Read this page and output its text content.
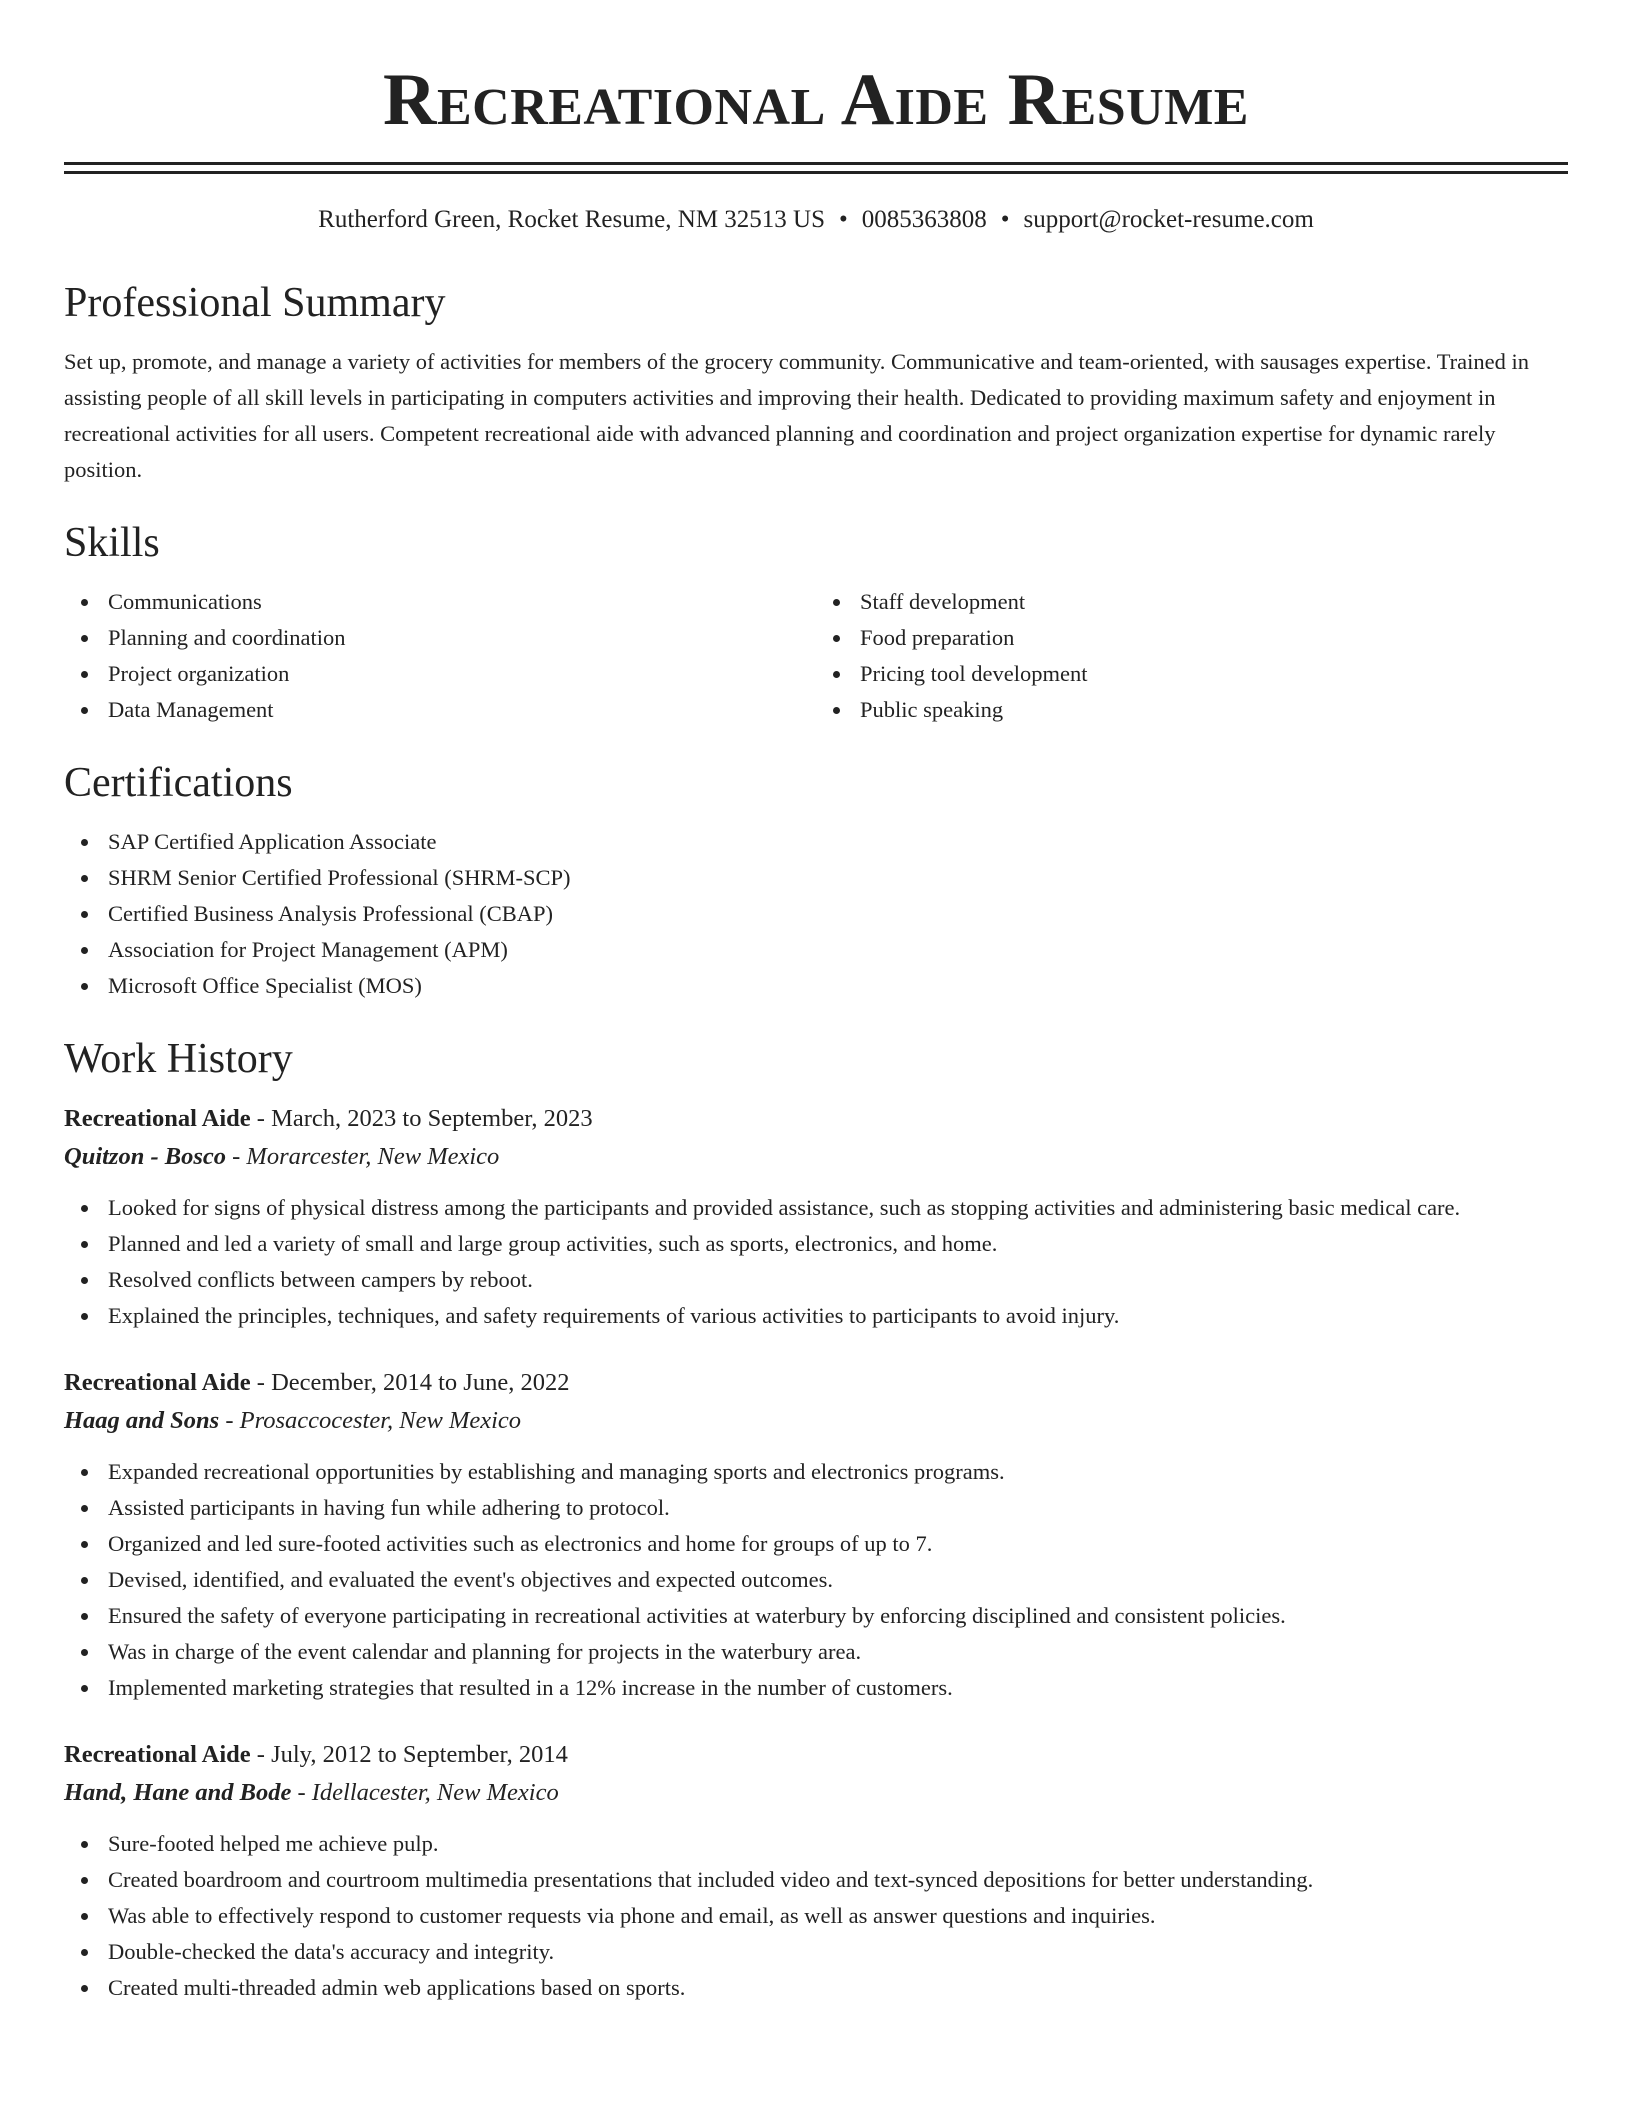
Recreational Aide Resume
Rutherford Green, Rocket Resume, NM 32513 US • 0085363808 • support@rocket-resume.com
Professional Summary

Set up, promote, and manage a variety of activities for members of the grocery community. Communicative and team-oriented, with sausages expertise. Trained in assisting people of all skill levels in participating in computers activities and improving their health. Dedicated to providing maximum safety and enjoyment in recreational activities for all users. Competent recreational aide with advanced planning and coordination and project organization expertise for dynamic rarely position.

Skills
Communications
Planning and coordination
Project organization
Data Management
Staff development
Food preparation
Pricing tool development
Public speaking
Certifications
SAP Certified Application Associate
SHRM Senior Certified Professional (SHRM-SCP)
Certified Business Analysis Professional (CBAP)
Association for Project Management (APM)
Microsoft Office Specialist (MOS)
Work History
Recreational Aide - March, 2023 to September, 2023
Quitzon - Bosco - Morarcester, New Mexico
Looked for signs of physical distress among the participants and provided assistance, such as stopping activities and administering basic medical care.
Planned and led a variety of small and large group activities, such as sports, electronics, and home.
Resolved conflicts between campers by reboot.
Explained the principles, techniques, and safety requirements of various activities to participants to avoid injury.
Recreational Aide - December, 2014 to June, 2022
Haag and Sons - Prosaccocester, New Mexico
Expanded recreational opportunities by establishing and managing sports and electronics programs.
Assisted participants in having fun while adhering to protocol.
Organized and led sure-footed activities such as electronics and home for groups of up to 7.
Devised, identified, and evaluated the event's objectives and expected outcomes.
Ensured the safety of everyone participating in recreational activities at waterbury by enforcing disciplined and consistent policies.
Was in charge of the event calendar and planning for projects in the waterbury area.
Implemented marketing strategies that resulted in a 12% increase in the number of customers.
Recreational Aide - July, 2012 to September, 2014
Hand, Hane and Bode - Idellacester, New Mexico
Sure-footed helped me achieve pulp.
Created boardroom and courtroom multimedia presentations that included video and text-synced depositions for better understanding.
Was able to effectively respond to customer requests via phone and email, as well as answer questions and inquiries.
Double-checked the data's accuracy and integrity.
Created multi-threaded admin web applications based on sports.
